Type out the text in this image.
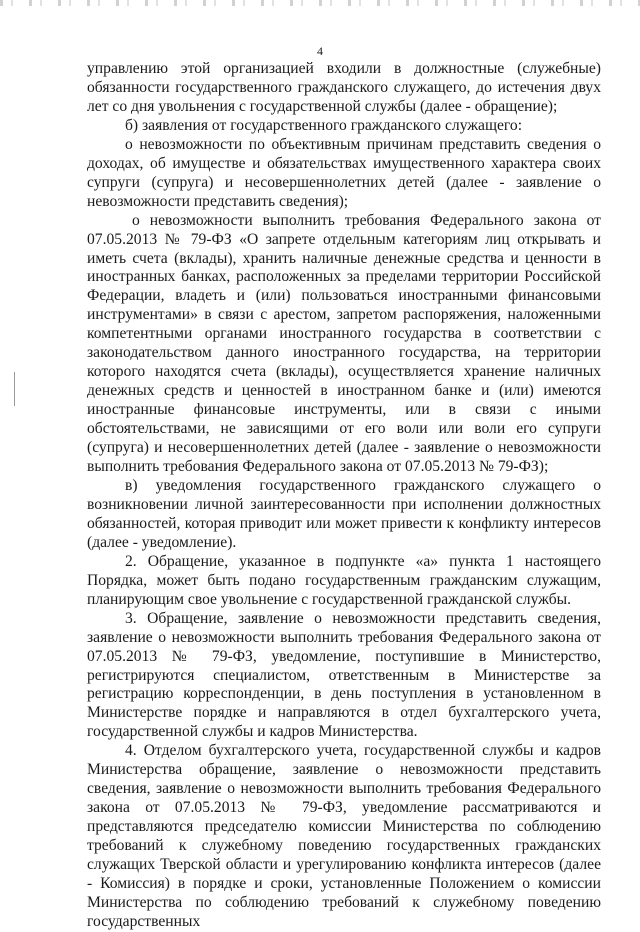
4

управлению этой организацией входили в должностные (служебные) обязанности государственного гражданского служащего, до истечения двух лет со дня увольнения с государственной службы (далее - обращение);

б) заявления от государственного гражданского служащего:

о невозможности по объективным причинам представить сведения о доходах, об имуществе и обязательствах имущественного характера своих супруги (супруга) и несовершеннолетних детей (далее - заявление о невозможности представить сведения);

о невозможности выполнить требования Федерального закона от 07.05.2013 № 79-ФЗ «О запрете отдельным категориям лиц открывать и иметь счета (вклады), хранить наличные денежные средства и ценности в иностранных банках, расположенных за пределами территории Российской Федерации, владеть и (или) пользоваться иностранными финансовыми инструментами» в связи с арестом, запретом распоряжения, наложенными компетентными органами иностранного государства в соответствии с законодательством данного иностранного государства, на территории которого находятся счета (вклады), осуществляется хранение наличных денежных средств и ценностей в иностранном банке и (или) имеются иностранные финансовые инструменты, или в связи с иными обстоятельствами, не зависящими от его воли или воли его супруги (супруга) и несовершеннолетних детей (далее - заявление о невозможности выполнить требования Федерального закона от 07.05.2013 № 79-ФЗ);

в) уведомления государственного гражданского служащего о возникновении личной заинтересованности при исполнении должностных обязанностей, которая приводит или может привести к конфликту интересов (далее - уведомление).

2. Обращение, указанное в подпункте «а» пункта 1 настоящего Порядка, может быть подано государственным гражданским служащим, планирующим свое увольнение с государственной гражданской службы.

3. Обращение, заявление о невозможности представить сведения, заявление о невозможности выполнить требования Федерального закона от 07.05.2013 № 79-ФЗ, уведомление, поступившие в Министерство, регистрируются специалистом, ответственным в Министерстве за регистрацию корреспонденции, в день поступления в установленном в Министерстве порядке и направляются в отдел бухгалтерского учета, государственной службы и кадров Министерства.

4. Отделом бухгалтерского учета, государственной службы и кадров Министерства обращение, заявление о невозможности представить сведения, заявление о невозможности выполнить требования Федерального закона от 07.05.2013 № 79-ФЗ, уведомление рассматриваются и представляются председателю комиссии Министерства по соблюдению требований к служебному поведению государственных гражданских служащих Тверской области и урегулированию конфликта интересов (далее - Комиссия) в порядке и сроки, установленные Положением о комиссии Министерства по соблюдению требований к служебному поведению государственных
